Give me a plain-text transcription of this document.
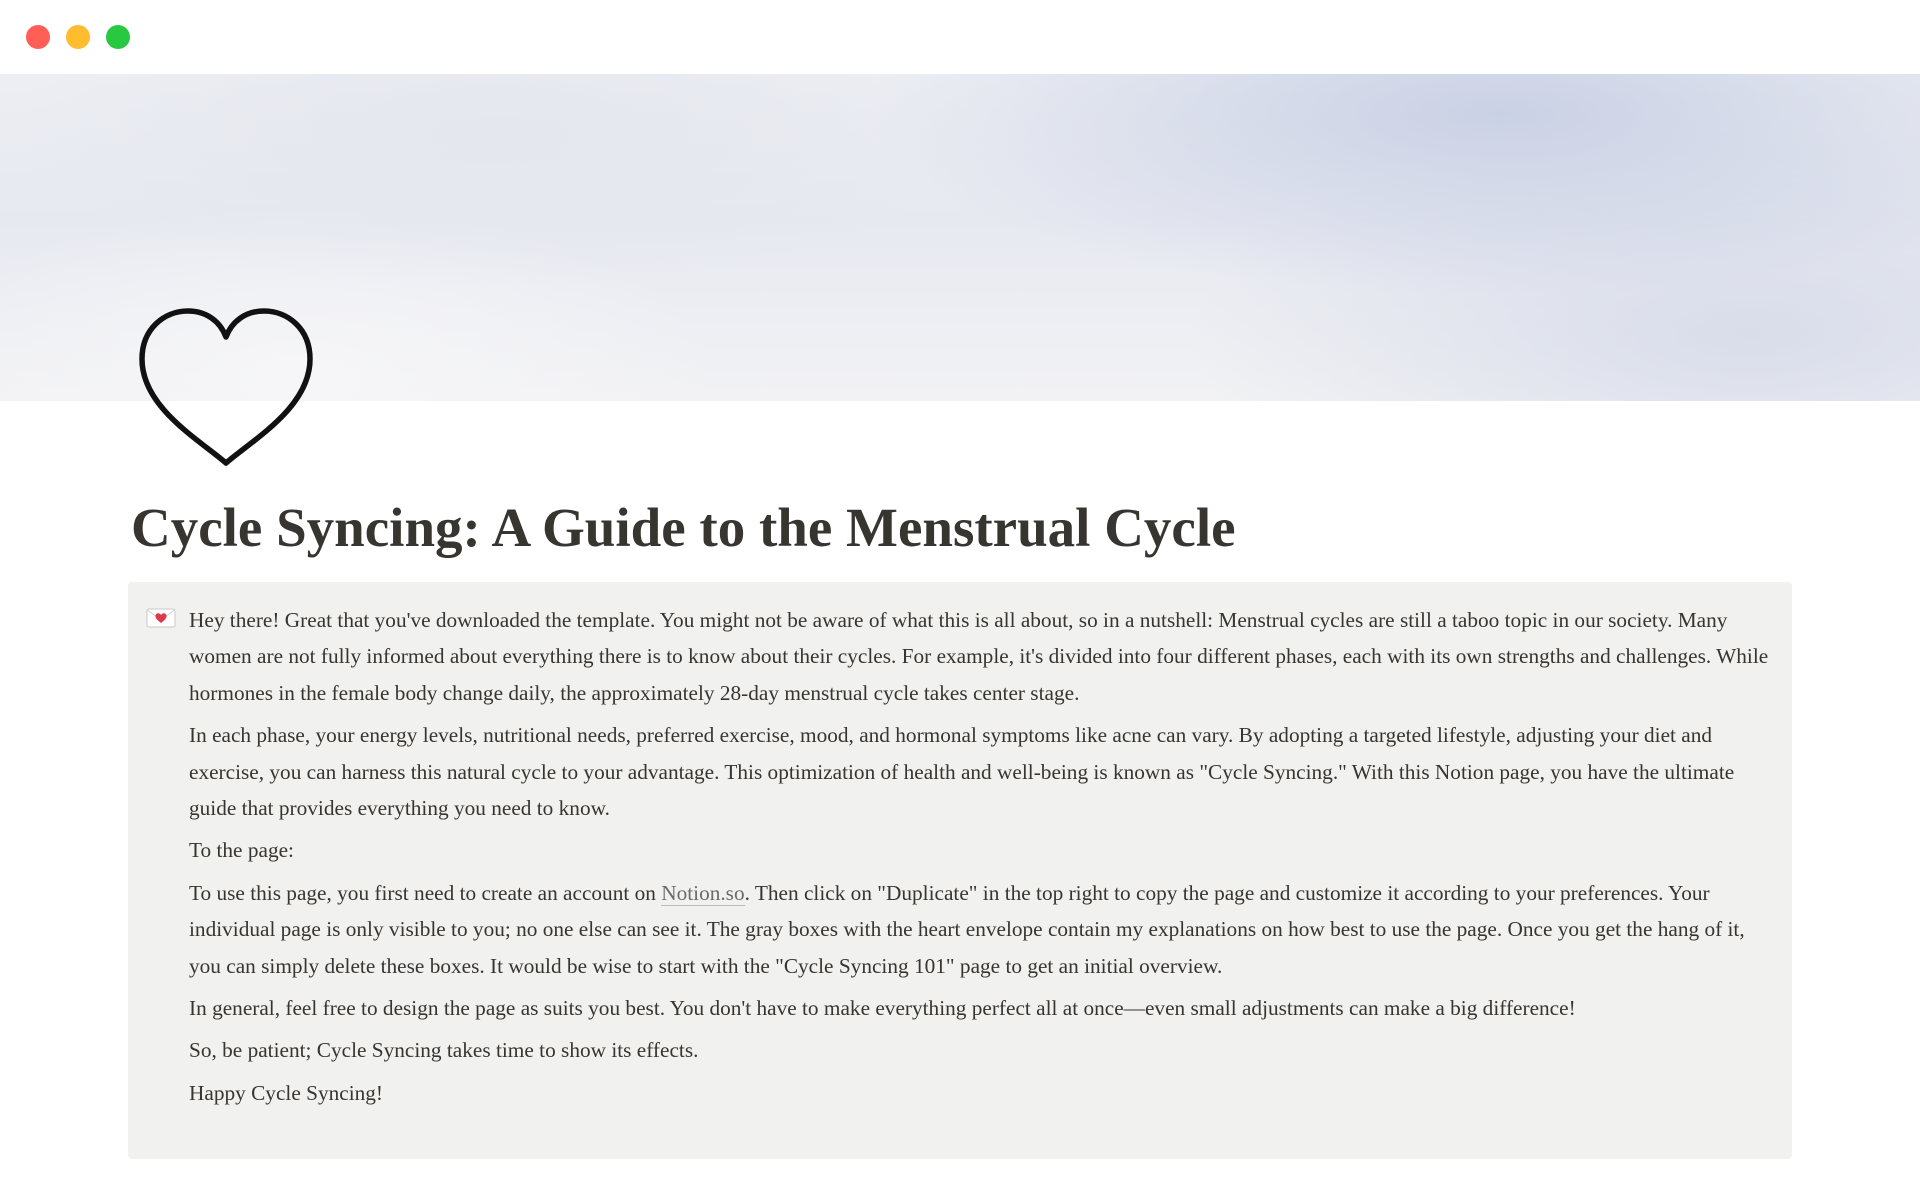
Cycle Syncing: A Guide to the Menstrual Cycle

Hey there! Great that you've downloaded the template. You might not be aware of what this is all about, so in a nutshell: Menstrual cycles are still a taboo topic in our society. Many women are not fully informed about everything there is to know about their cycles. For example, it's divided into four different phases, each with its own strengths and challenges. While hormones in the female body change daily, the approximately 28-day menstrual cycle takes center stage.

In each phase, your energy levels, nutritional needs, preferred exercise, mood, and hormonal symptoms like acne can vary. By adopting a targeted lifestyle, adjusting your diet and exercise, you can harness this natural cycle to your advantage. This optimization of health and well-being is known as "Cycle Syncing." With this Notion page, you have the ultimate guide that provides everything you need to know.

To the page:

To use this page, you first need to create an account on Notion.so. Then click on "Duplicate" in the top right to copy the page and customize it according to your preferences. Your individual page is only visible to you; no one else can see it. The gray boxes with the heart envelope contain my explanations on how best to use the page. Once you get the hang of it, you can simply delete these boxes. It would be wise to start with the "Cycle Syncing 101" page to get an initial overview.

In general, feel free to design the page as suits you best. You don't have to make everything perfect all at once—even small adjustments can make a big difference!

So, be patient; Cycle Syncing takes time to show its effects.

Happy Cycle Syncing!
